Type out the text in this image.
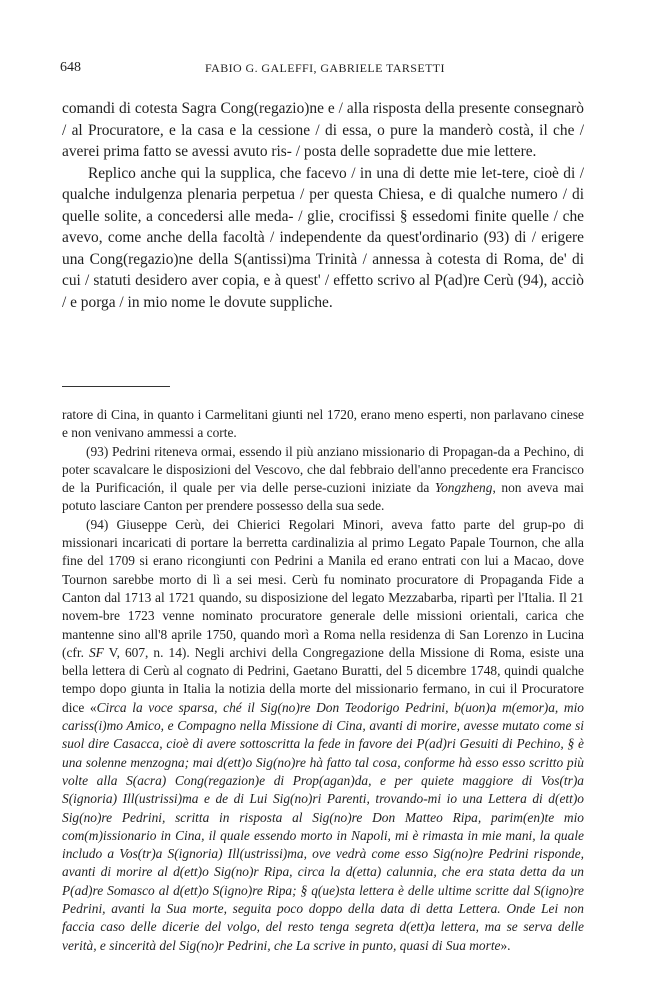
648	FABIO G. GALEFFI, GABRIELE TARSETTI

comandi di cotesta Sagra Cong(regazio)ne e / alla risposta della presente consegnarò / al Procuratore, e la casa e la cessione / di essa, o pure la manderò costà, il che / averei prima fatto se avessi avuto ris- / posta delle sopradette due mie lettere.

Replico anche qui la supplica, che facevo / in una di dette mie let-tere, cioè di / qualche indulgenza plenaria perpetua / per questa Chiesa, e di qualche numero / di quelle solite, a concedersi alle meda- / glie, crocifissi § essedomi finite quelle / che avevo, come anche della facoltà / independente da quest'ordinario (93) di / erigere una Cong(regazio)ne della S(antissi)ma Trinità / annessa à cotesta di Roma, de' di cui / statuti desidero aver copia, e à quest' / effetto scrivo al P(ad)re Cerù (94), acciò / e porga / in mio nome le dovute suppliche.

ratore di Cina, in quanto i Carmelitani giunti nel 1720, erano meno esperti, non parlavano cinese e non venivano ammessi a corte.

(93) Pedrini riteneva ormai, essendo il più anziano missionario di Propagan-da a Pechino, di poter scavalcare le disposizioni del Vescovo, che dal febbraio dell'anno precedente era Francisco de la Purificación, il quale per via delle perse-cuzioni iniziate da Yongzheng, non aveva mai potuto lasciare Canton per prendere possesso della sua sede.

(94) Giuseppe Cerù, dei Chierici Regolari Minori, aveva fatto parte del grup-po di missionari incaricati di portare la berretta cardinalizia al primo Legato Papale Tournon, che alla fine del 1709 si erano ricongiunti con Pedrini a Manila ed erano entrati con lui a Macao, dove Tournon sarebbe morto di lì a sei mesi. Cerù fu nominato procuratore di Propaganda Fide a Canton dal 1713 al 1721 quando, su disposizione del legato Mezzabarba, ripartì per l'Italia. Il 21 novem-bre 1723 venne nominato procuratore generale delle missioni orientali, carica che mantenne sino all'8 aprile 1750, quando morì a Roma nella residenza di San Lorenzo in Lucina (cfr. SF V, 607, n. 14). Negli archivi della Congregazione della Missione di Roma, esiste una bella lettera di Cerù al cognato di Pedrini, Gaetano Buratti, del 5 dicembre 1748, quindi qualche tempo dopo giunta in Italia la notizia della morte del missionario fermano, in cui il Procuratore dice «Circa la voce sparsa, ché il Sig(no)re Don Teodorigo Pedrini, b(uon)a m(emor)a, mio cariss(i)mo Amico, e Compagno nella Missione di Cina, avanti di morire, avesse mutato come si suol dire Casacca, cioè di avere sottoscritta la fede in favore dei P(ad)ri Gesuiti di Pechino, § è una solenne menzogna; mai d(ett)o Sig(no)re hà fatto tal cosa, conforme hà esso esso scritto più volte alla S(acra) Cong(regazion)e di Prop(agan)da, e per quiete maggiore di Vos(tr)a S(ignoria) Ill(ustrissi)ma e de di Lui Sig(no)ri Parenti, trovando-mi io una Lettera di d(ett)o Sig(no)re Pedrini, scritta in risposta al Sig(no)re Don Matteo Ripa, parim(en)te mio com(m)issionario in Cina, il quale essendo morto in Napoli, mi è rimasta in mie mani, la quale includo a Vos(tr)a S(ignoria) Ill(ustrissi)ma, ove vedrà come esso Sig(no)re Pedrini risponde, avanti di morire al d(ett)o Sig(no)r Ripa, circa la d(etta) calunnia, che era stata detta da un P(ad)re Somasco al d(ett)o S(igno)re Ripa; § q(ue)sta lettera è delle ultime scritte dal S(igno)re Pedrini, avanti la Sua morte, seguita poco doppo della data di detta Lettera. Onde Lei non faccia caso delle dicerie del volgo, del resto tenga segreta d(ett)a lettera, ma se serva delle verità, e sincerità del Sig(no)r Pedrini, che La scrive in punto, quasi di Sua morte».
